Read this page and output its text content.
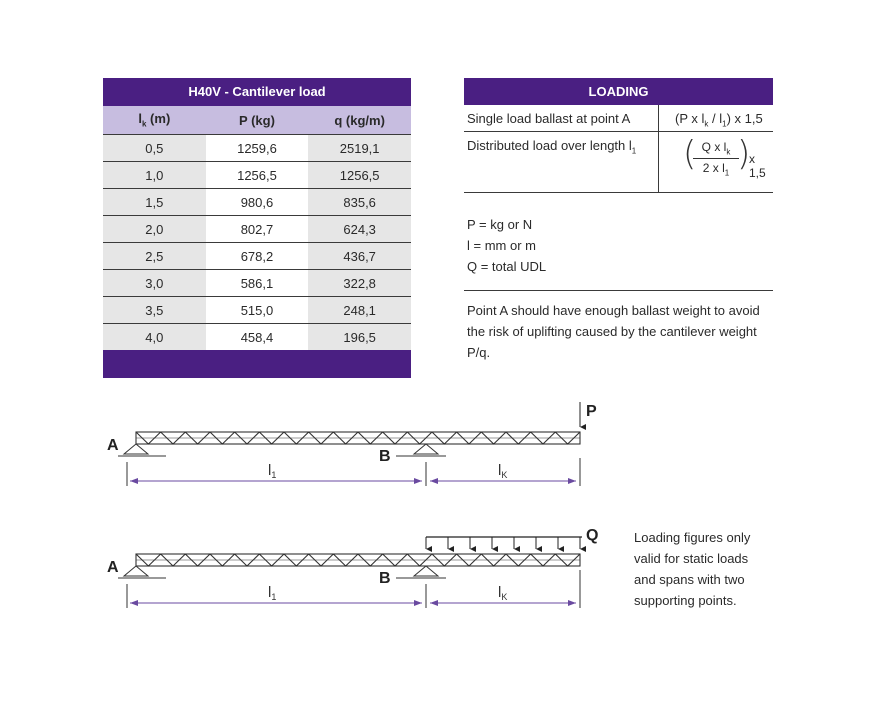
H40V - Cantilever load
$l_k$ (m)	P (kg)	q (kg/m)
0,5	1259,6	2519,1
1,0	1256,5	1256,5
1,5	980,6	835,6
2,0	802,7	624,3
2,5	678,2	436,7
3,0	586,1	322,8
3,5	515,0	248,1
4,0	458,4	196,5
LOADING
Single load ballast at point A	(P x $l_k / l_1$) x 1,5
Distributed load over length $l_1$	(
$\frac{Q x l_k}{2 x l_1}$
)
x 1,5
P = kg or N
l = mm or m
Q = total UDL
Point A should have enough ballast weight to avoid the risk of uplifting caused by the cantilever weight P/q.
Loading figures only valid for static loads and spans with two supporting points.
A
B
P
$l_1$	$l_K$
A
B
Q
$l_1$	$l_K$
